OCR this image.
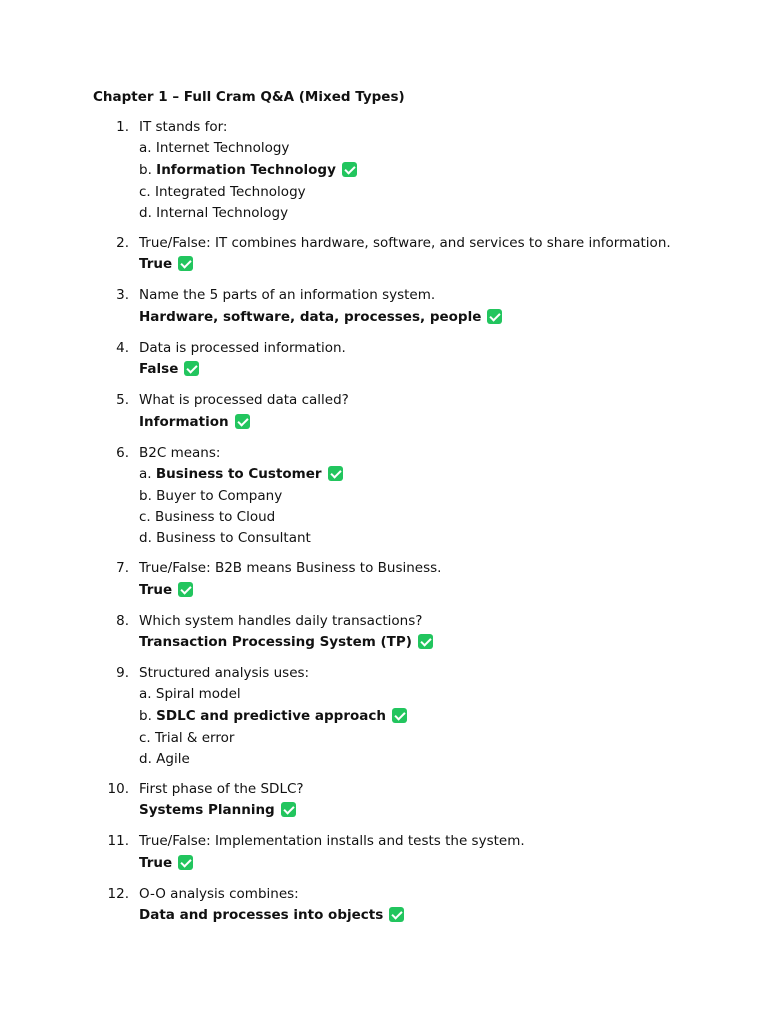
Chapter 1 – Full Cram Q&A (Mixed Types)
1. IT stands for:
a. Internet Technology
b. Information Technology
c. Integrated Technology
d. Internal Technology
2. True/False: IT combines hardware, software, and services to share information.
True
3. Name the 5 parts of an information system.
Hardware, software, data, processes, people
4. Data is processed information.
False
5. What is processed data called?
Information
6. B2C means:
a. Business to Customer
b. Buyer to Company
c. Business to Cloud
d. Business to Consultant
7. True/False: B2B means Business to Business.
True
8. Which system handles daily transactions?
Transaction Processing System (TP)
9. Structured analysis uses:
a. Spiral model
b. SDLC and predictive approach
c. Trial & error
d. Agile
10. First phase of the SDLC?
Systems Planning
11. True/False: Implementation installs and tests the system.
True
12. O-O analysis combines:
Data and processes into objects
